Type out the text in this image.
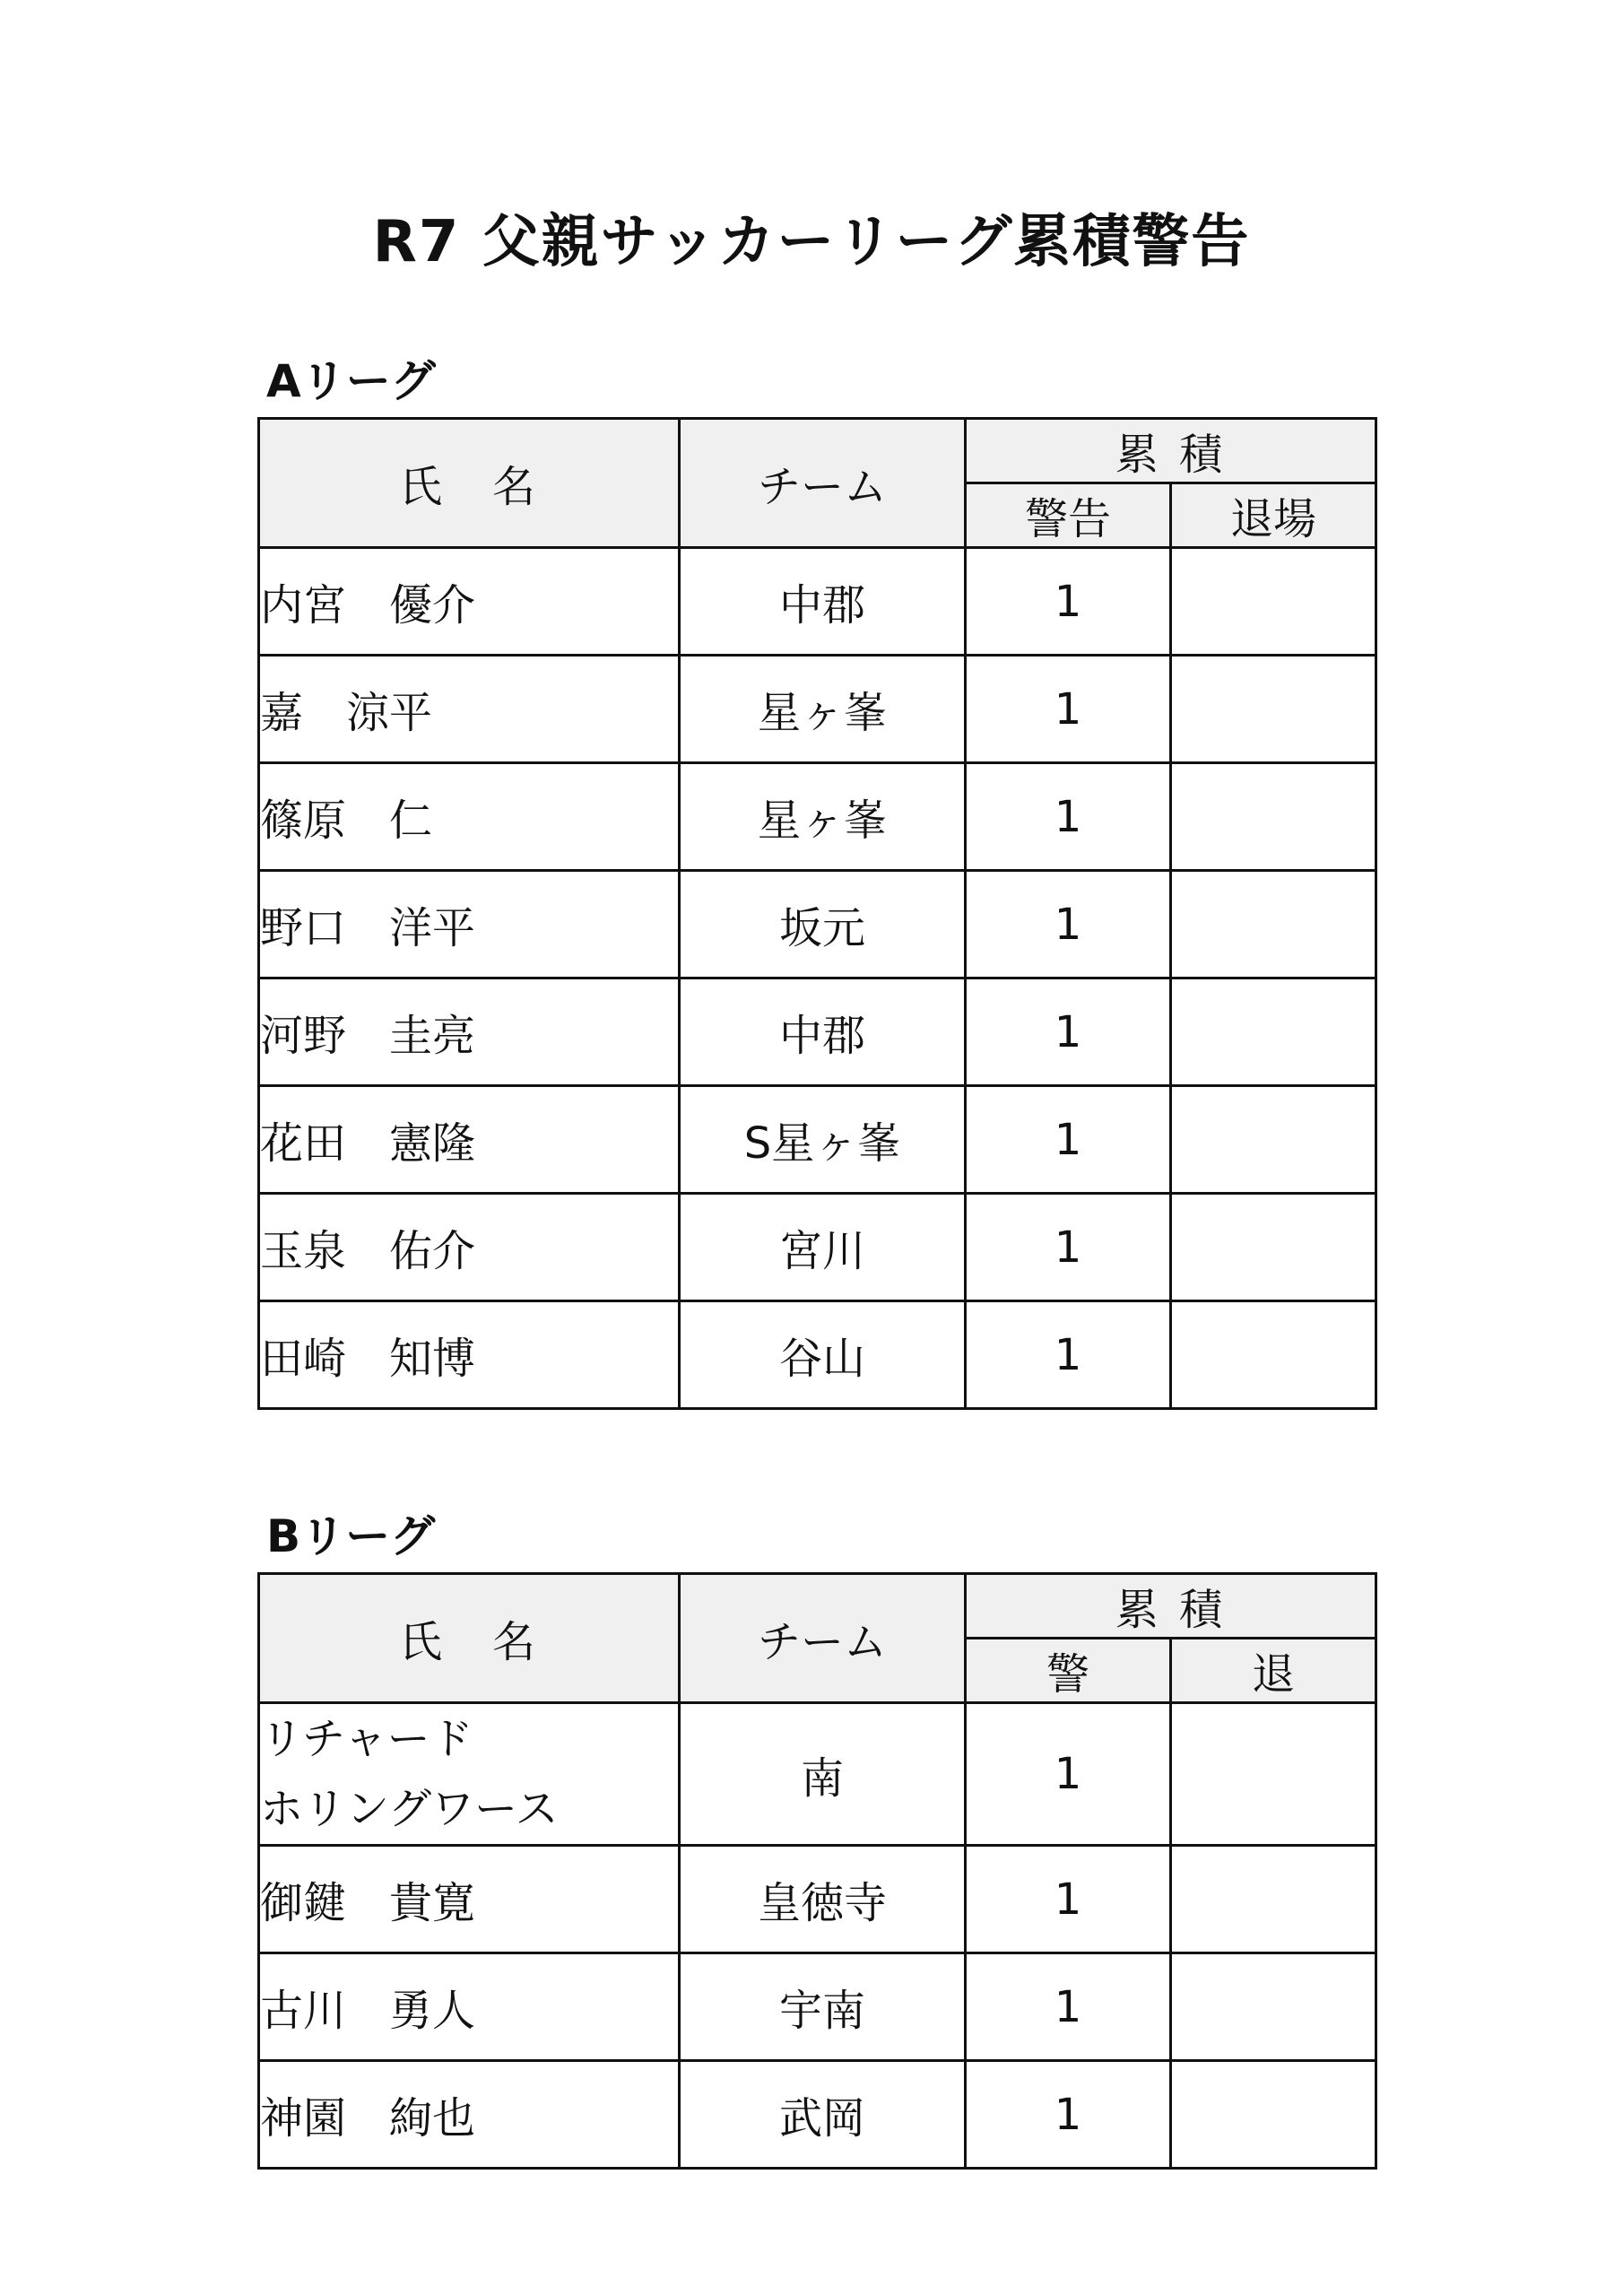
R7 父親サッカーリーグ累積警告
Aリーグ
氏　名	チーム	累 積	
		警告	退場
内宮　優介	中郡	1	
嘉　涼平	星ヶ峯	1	
篠原　仁	星ヶ峯	1	
野口　洋平	坂元	1	
河野　圭亮	中郡	1	
花田　憲隆	S星ヶ峯	1	
玉泉　佑介	宮川	1	
田崎　知博	谷山	1	
Bリーグ
氏　名	チーム	累 積	
		警	退

リチャード
ホリングワース	南	1	
御鍵　貴寛	皇徳寺	1	
古川　勇人	宇南	1	
神園　絢也	武岡	1	
